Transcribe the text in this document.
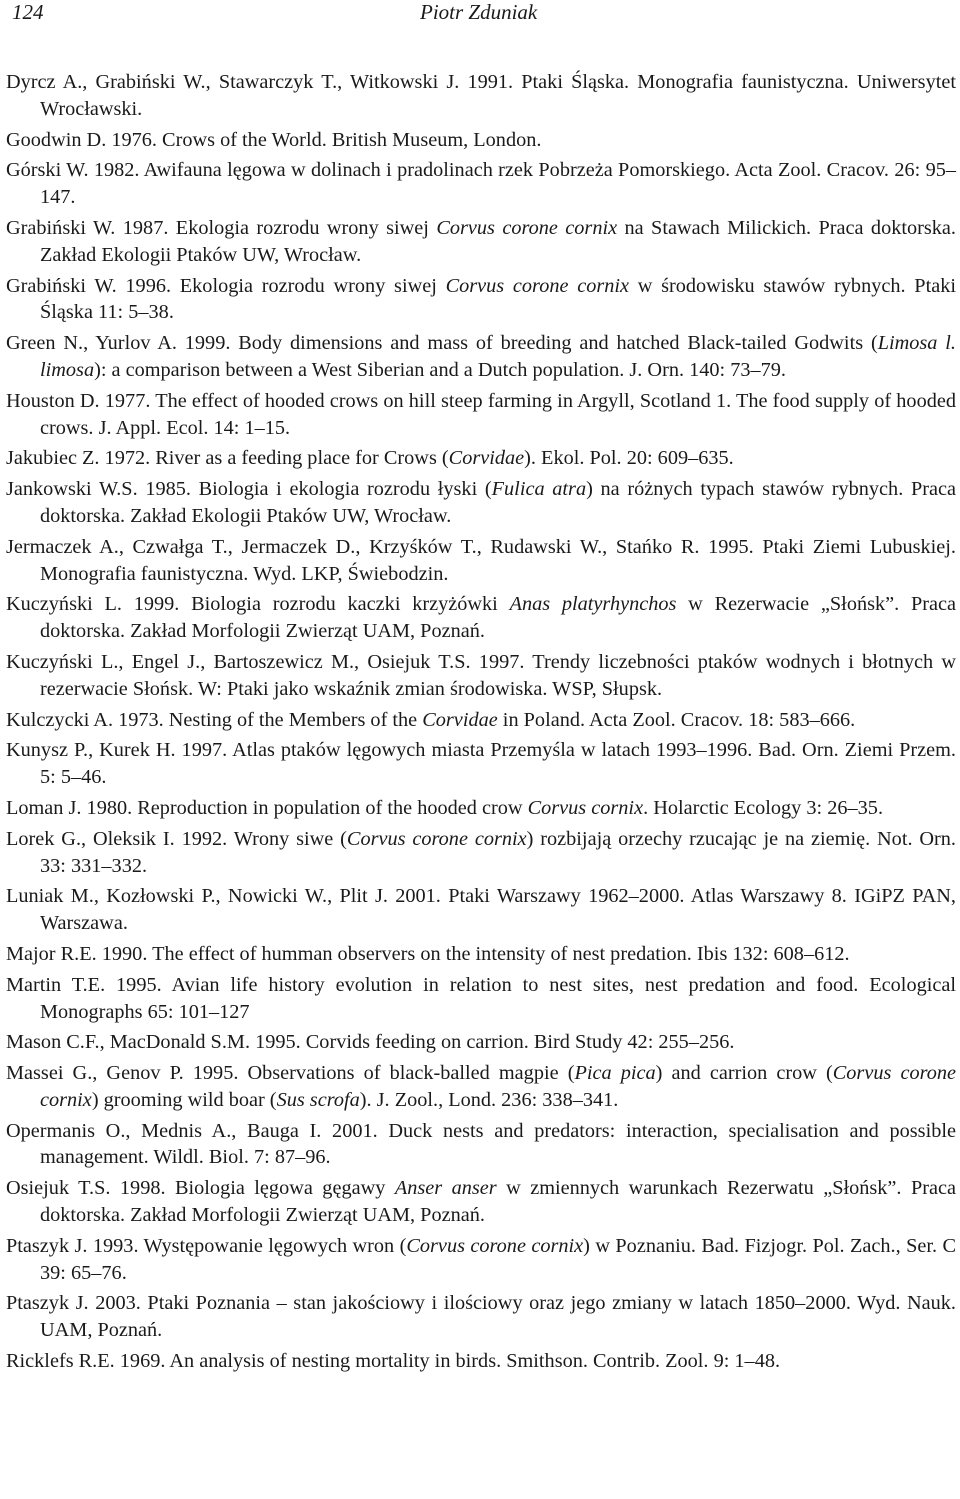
124	Piotr Zduniak
Dyrcz A., Grabiński W., Stawarczyk T., Witkowski J. 1991. Ptaki Śląska. Monografia faunistyczna. Uniwersytet Wrocławski.
Goodwin D. 1976. Crows of the World. British Museum, London.
Górski W. 1982. Awifauna lęgowa w dolinach i pradolinach rzek Pobrzeża Pomorskiego. Acta Zool. Cracov. 26: 95–147.
Grabiński W. 1987. Ekologia rozrodu wrony siwej Corvus corone cornix na Stawach Milickich. Praca doktorska. Zakład Ekologii Ptaków UW, Wrocław.
Grabiński W. 1996. Ekologia rozrodu wrony siwej Corvus corone cornix w środowisku stawów rybnych. Ptaki Śląska 11: 5–38.
Green N., Yurlov A. 1999. Body dimensions and mass of breeding and hatched Black-tailed Godwits (Limosa l. limosa): a comparison between a West Siberian and a Dutch population. J. Orn. 140: 73–79.
Houston D. 1977. The effect of hooded crows on hill steep farming in Argyll, Scotland 1. The food supply of hooded crows. J. Appl. Ecol. 14: 1–15.
Jakubiec Z. 1972. River as a feeding place for Crows (Corvidae). Ekol. Pol. 20: 609–635.
Jankowski W.S. 1985. Biologia i ekologia rozrodu łyski (Fulica atra) na różnych typach stawów rybnych. Praca doktorska. Zakład Ekologii Ptaków UW, Wrocław.
Jermaczek A., Czwałga T., Jermaczek D., Krzyśków T., Rudawski W., Stańko R. 1995. Ptaki Ziemi Lubuskiej. Monografia faunistyczna. Wyd. LKP, Świebodzin.
Kuczyński L. 1999. Biologia rozrodu kaczki krzyżówki Anas platyrhynchos w Rezerwacie „Słońsk”. Praca doktorska. Zakład Morfologii Zwierząt UAM, Poznań.
Kuczyński L., Engel J., Bartoszewicz M., Osiejuk T.S. 1997. Trendy liczebności ptaków wodnych i błotnych w rezerwacie Słońsk. W: Ptaki jako wskaźnik zmian środowiska. WSP, Słupsk.
Kulczycki A. 1973. Nesting of the Members of the Corvidae in Poland. Acta Zool. Cracov. 18: 583–666.
Kunysz P., Kurek H. 1997. Atlas ptaków lęgowych miasta Przemyśla w latach 1993–1996. Bad. Orn. Ziemi Przem. 5: 5–46.
Loman J. 1980. Reproduction in population of the hooded crow Corvus cornix. Holarctic Ecology 3: 26–35.
Lorek G., Oleksik I. 1992. Wrony siwe (Corvus corone cornix) rozbijają orzechy rzucając je na ziemię. Not. Orn. 33: 331–332.
Luniak M., Kozłowski P., Nowicki W., Plit J. 2001. Ptaki Warszawy 1962–2000. Atlas Warszawy 8. IGiPZ PAN, Warszawa.
Major R.E. 1990. The effect of humman observers on the intensity of nest predation. Ibis 132: 608–612.
Martin T.E. 1995. Avian life history evolution in relation to nest sites, nest predation and food. Ecological Monographs 65: 101–127
Mason C.F., MacDonald S.M. 1995. Corvids feeding on carrion. Bird Study 42: 255–256.
Massei G., Genov P. 1995. Observations of black-balled magpie (Pica pica) and carrion crow (Corvus corone cornix) grooming wild boar (Sus scrofa). J. Zool., Lond. 236: 338–341.
Opermanis O., Mednis A., Bauga I. 2001. Duck nests and predators: interaction, specialisation and possible management. Wildl. Biol. 7: 87–96.
Osiejuk T.S. 1998. Biologia lęgowa gęgawy Anser anser w zmiennych warunkach Rezerwatu „Słońsk”. Praca doktorska. Zakład Morfologii Zwierząt UAM, Poznań.
Ptaszyk J. 1993. Występowanie lęgowych wron (Corvus corone cornix) w Poznaniu. Bad. Fizjogr. Pol. Zach., Ser. C 39: 65–76.
Ptaszyk J. 2003. Ptaki Poznania – stan jakościowy i ilościowy oraz jego zmiany w latach 1850–2000. Wyd. Nauk. UAM, Poznań.
Ricklefs R.E. 1969. An analysis of nesting mortality in birds. Smithson. Contrib. Zool. 9: 1–48.
